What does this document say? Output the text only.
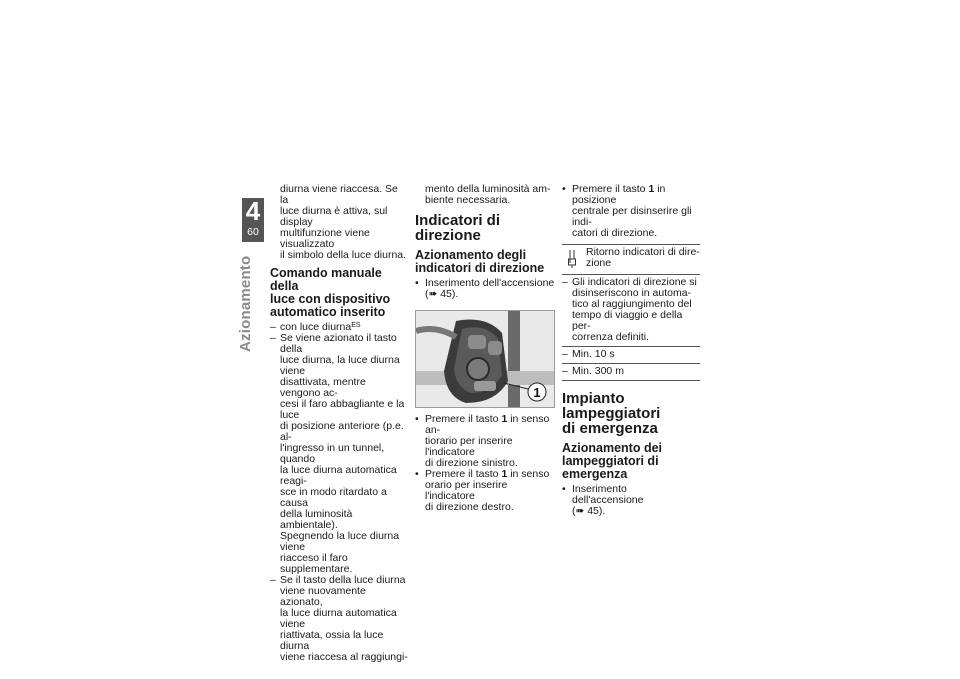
4
60
Azionamento
diurna viene riaccesa. Se la
luce diurna è attiva, sul display
multifunzione viene visualizzato
il simbolo della luce diurna.
Comando manuale della
luce con dispositivo
automatico inserito
– con luce diurna$^{ES}$
– Se viene azionato il tasto della
luce diurna, la luce diurna viene
disattivata, mentre vengono ac-
cesi il faro abbagliante e la luce
di posizione anteriore (p.e. al-
l'ingresso in un tunnel, quando
la luce diurna automatica reagi-
sce in modo ritardato a causa
della luminosità ambientale).
Spegnendo la luce diurna viene
riacceso il faro supplementare.
– Se il tasto della luce diurna
viene nuovamente azionato,
la luce diurna automatica viene
riattivata, ossia la luce diurna
viene riaccesa al raggiungi-
mento della luminosità am-
biente necessaria.
Indicatori di direzione
Azionamento degli
indicatori di direzione
• Inserimento dell'accensione
(➠ 45).
1
• Premere il tasto 1 in senso an-
tiorario per inserire l'indicatore
di direzione sinistro.
• Premere il tasto 1 in senso
orario per inserire l'indicatore
di direzione destro.
• Premere il tasto 1 in posizione
centrale per disinserire gli indi-
catori di direzione.
Ritorno indicatori di dire-
zione
– Gli indicatori di direzione si
disinseriscono in automa-
tico al raggiungimento del
tempo di viaggio e della per-
correnza definiti.
– Min. 10 s
– Min. 300 m
Impianto lampeggiatori
di emergenza
Azionamento dei
lampeggiatori di
emergenza
• Inserimento dell'accensione
(➠ 45).
